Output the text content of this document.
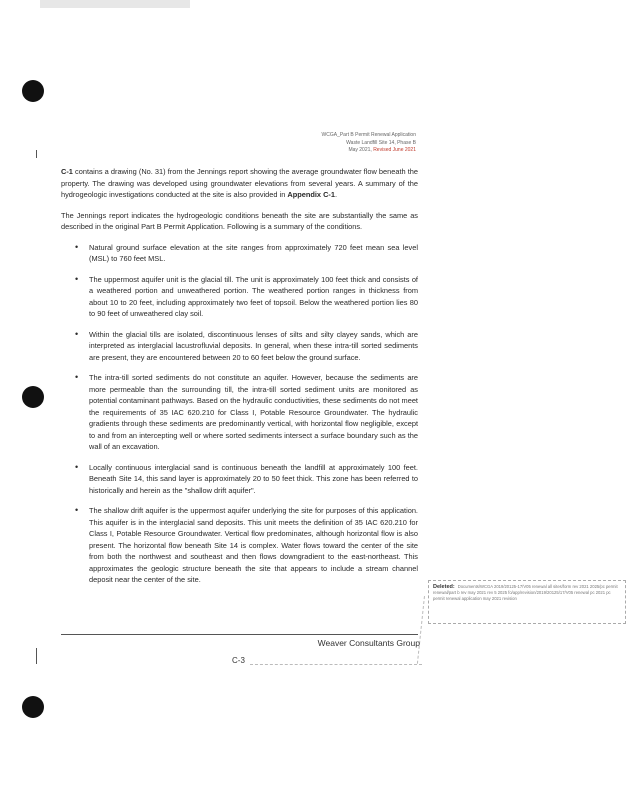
WCGA_Part B Permit Renewal Application
Waste Landfill Site 14, Phase B
May 2021, Revised June 2021

C-1 contains a drawing (No. 31) from the Jennings report showing the average groundwater flow beneath the property. The drawing was developed using groundwater elevations from several years. A summary of the hydrogeologic investigations conducted at the site is also provided in Appendix C-1.

The Jennings report indicates the hydrogeologic conditions beneath the site are substantially the same as described in the original Part B Permit Application. Following is a summary of the conditions.

• Natural ground surface elevation at the site ranges from approximately 720 feet mean sea level (MSL) to 760 feet MSL.
• The uppermost aquifer unit is the glacial till. The unit is approximately 100 feet thick and consists of a weathered portion and unweathered portion. The weathered portion ranges in thickness from about 10 to 20 feet, including approximately two feet of topsoil. Below the weathered portion lies 80 to 90 feet of unweathered clay soil.
• Within the glacial tills are isolated, discontinuous lenses of silts and silty clayey sands, which are interpreted as interglacial lacustrofluvial deposits. In general, when these intra-till sorted sediments are present, they are encountered between 20 to 60 feet below the ground surface.
• The intra-till sorted sediments do not constitute an aquifer. However, because the sediments are more permeable than the surrounding till, the intra-till sorted sediment units are monitored as potential contaminant pathways. Based on the hydraulic conductivities, these sediments do not meet the requirements of 35 IAC 620.210 for Class I, Potable Resource Groundwater. The hydraulic gradients through these sediments are predominantly vertical, with horizontal flow negligible, except to and from an intercepting well or where sorted sediments intersect a surface boundary such as the wall of an excavation.
• Locally continuous interglacial sand is continuous beneath the landfill at approximately 100 feet. Beneath Site 14, this sand layer is approximately 20 to 50 feet thick. This zone has been referred to historically and herein as the "shallow drift aquifer".
• The shallow drift aquifer is the uppermost aquifer underlying the site for purposes of this application. This aquifer is in the interglacial sand deposits. This unit meets the definition of 35 IAC 620.210 for Class I, Potable Resource Groundwater. Vertical flow predominates, although horizontal flow is also present. The horizontal flow beneath Site 14 is complex. Water flows toward the center of the site from both the northwest and southeast and then flows downgradient to the east-northeast. This approximates the geologic structure beneath the site that appears to include a stream channel deposit near the center of the site.
Deleted: Documents/WCGA 2019/20125-17/V05 renewal all sites/form rev 2021 2025/pc permit renewal/part b rev may 2021 rev 5 2025 fo/app/revision/2019/20125/17/V05 renewal pc 2021 pc permit renewal application may 2021 revision
Weaver Consultants Group
C-3
